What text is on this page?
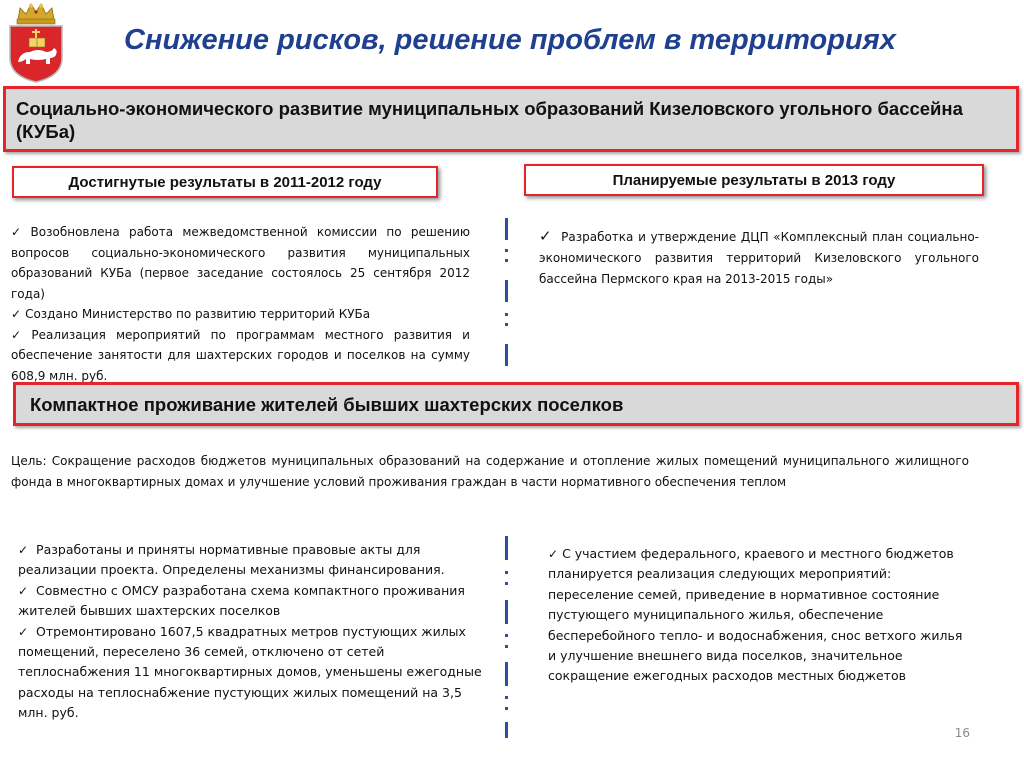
Снижение рисков, решение проблем в территориях
Социально-экономического развитие муниципальных образований Кизеловского угольного бассейна (КУБа)
Достигнутые результаты в 2011-2012 году	Планируемые результаты в 2013 году

✓ Возобновлена работа межведомственной комиссии по решению вопросов социально-экономического развития муниципальных образований КУБа (первое заседание состоялось 25 сентября 2012 года)

✓ Создано Министерство по развитию территорий КУБа

✓ Реализация мероприятий по программам местного развития и обеспечение занятости для шахтерских городов и поселков на сумму 608,9 млн. руб.

✓ Разработка и утверждение ДЦП «Комплексный план социально-экономического развития территорий Кизеловского угольного бассейна Пермского края на 2013-2015 годы»

Компактное проживание жителей бывших шахтерских поселков
Цель: Сокращение расходов бюджетов муниципальных образований на содержание и отопление жилых помещений муниципального жилищного фонда в многоквартирных домах и улучшение условий проживания граждан в части нормативного обеспечения теплом

✓ Разработаны и приняты нормативные правовые акты для реализации проекта. Определены механизмы финансирования.

✓ Совместно с ОМСУ разработана схема компактного проживания жителей бывших шахтерских поселков

✓ Отремонтировано 1607,5 квадратных метров пустующих жилых помещений, переселено 36 семей, отключено от сетей теплоснабжения 11 многоквартирных домов, уменьшены ежегодные расходы на теплоснабжение пустующих жилых помещений на 3,5 млн. руб.

✓ С участием федерального, краевого и местного бюджетов планируется реализация следующих мероприятий: переселение семей, приведение в нормативное состояние пустующего муниципального жилья, обеспечение бесперебойного тепло- и водоснабжения, снос ветхого жилья и улучшение внешнего вида поселков, значительное сокращение ежегодных расходов местных бюджетов

16
